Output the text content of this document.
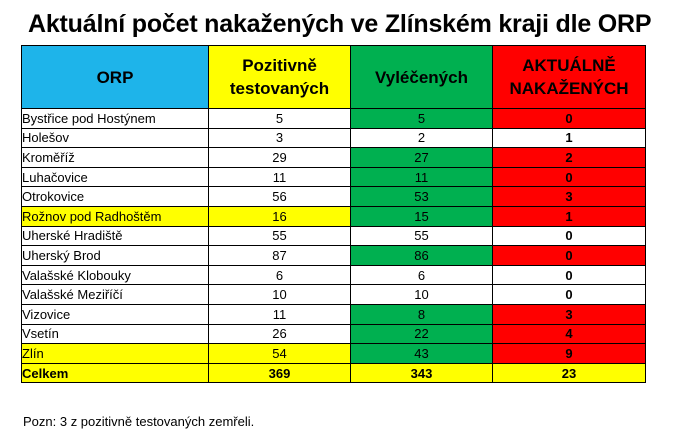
Aktuální počet nakažených ve Zlínském kraji dle ORP
ORP	Pozitivně testovaných	Vyléčených	AKTUÁLNĚ NAKAŽENÝCH
Bystřice pod Hostýnem	5	5	0
Holešov	3	2	1
Kroměříž	29	27	2
Luhačovice	11	11	0
Otrokovice	56	53	3
Rožnov pod Radhoštěm	16	15	1
Uherské Hradiště	55	55	0
Uherský Brod	87	86	0
Valašské Klobouky	6	6	0
Valašské Meziříčí	10	10	0
Vizovice	11	8	3
Vsetín	26	22	4
Zlín	54	43	9
Celkem	369	343	23
Pozn: 3 z pozitivně testovaných zemřeli.
